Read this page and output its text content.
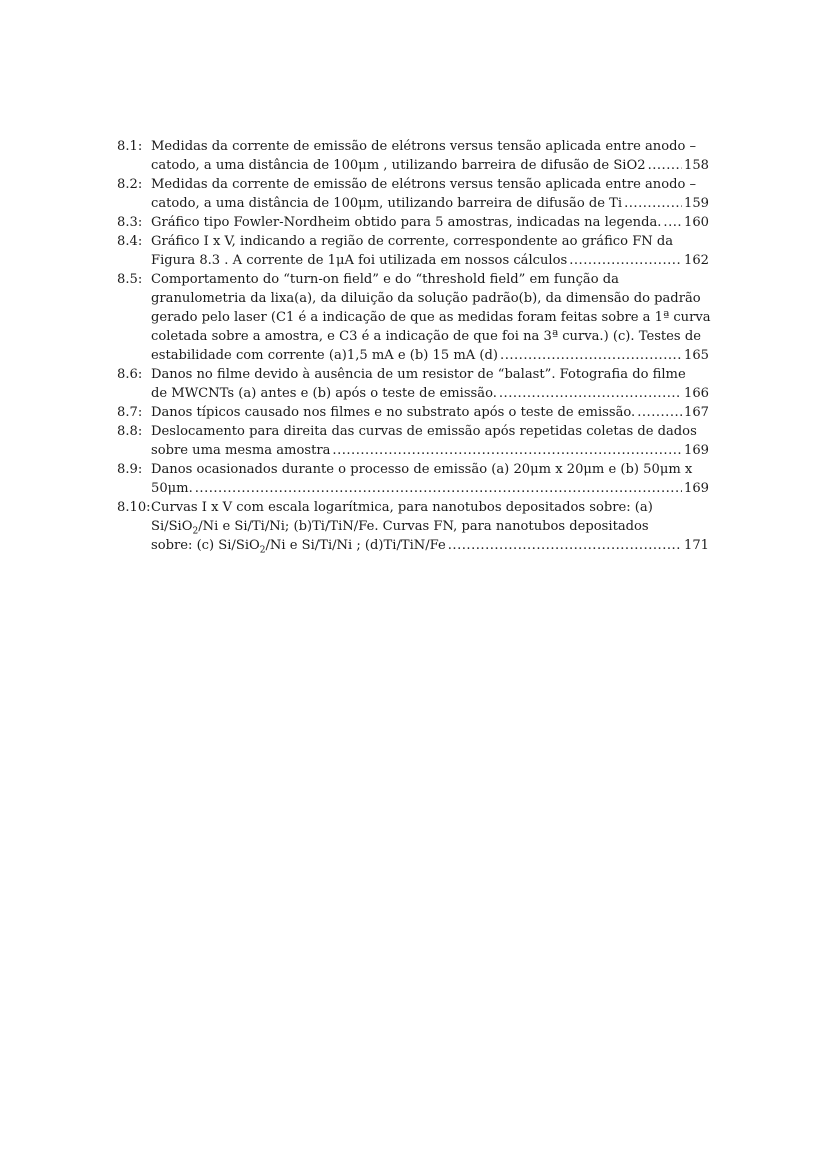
8.1: Medidas da corrente de emissão de elétrons versus tensão aplicada entre anodo –
catodo, a uma distância de 100μm , utilizando barreira de difusão de SiO2 .....	158
8.2: Medidas da corrente de emissão de elétrons versus tensão aplicada entre anodo –
catodo, a uma distância de 100μm, utilizando barreira de difusão de Ti .....	159
8.3: Gráfico tipo Fowler-Nordheim obtido para 5 amostras, indicadas na legenda. ..... 160
8.4: Gráfico I x V, indicando a região de corrente, correspondente ao gráfico FN da
Figura 8.3 . A corrente de 1μA foi utilizada em nossos cálculos .....	162
8.5: Comportamento do “turn-on field” e do “threshold field” em função da
granulometria da lixa(a), da diluição da solução padrão(b), da dimensão do padrão
gerado pelo laser (C1 é a indicação de que as medidas foram feitas sobre a 1ª curva
coletada sobre a amostra, e C3 é a indicação de que foi na 3ª curva.) (c). Testes de
estabilidade com corrente (a)1,5 mA e (b) 15 mA (d) .....	165
8.6: Danos no filme devido à ausência de um resistor de “balast”. Fotografia do filme
de MWCNTs (a) antes e (b) após o teste de emissão. .....	166
8.7: Danos típicos causado nos filmes e no substrato após o teste de emissão. .....	167
8.8: Deslocamento para direita das curvas de emissão após repetidas coletas de dados
sobre uma mesma amostra .....	169
8.9: Danos ocasionados durante o processo de emissão (a) 20μm x 20μm e (b) 50μm x
50μm. .....	169
8.10: Curvas I x V com escala logarítmica, para nanotubos depositados sobre: (a)
Si/SiO$_2$/Ni e Si/Ti/Ni; (b)Ti/TiN/Fe. Curvas FN, para nanotubos depositados
sobre: (c) Si/SiO$_2$/Ni e Si/Ti/Ni ; (d)Ti/TiN/Fe .....	171
